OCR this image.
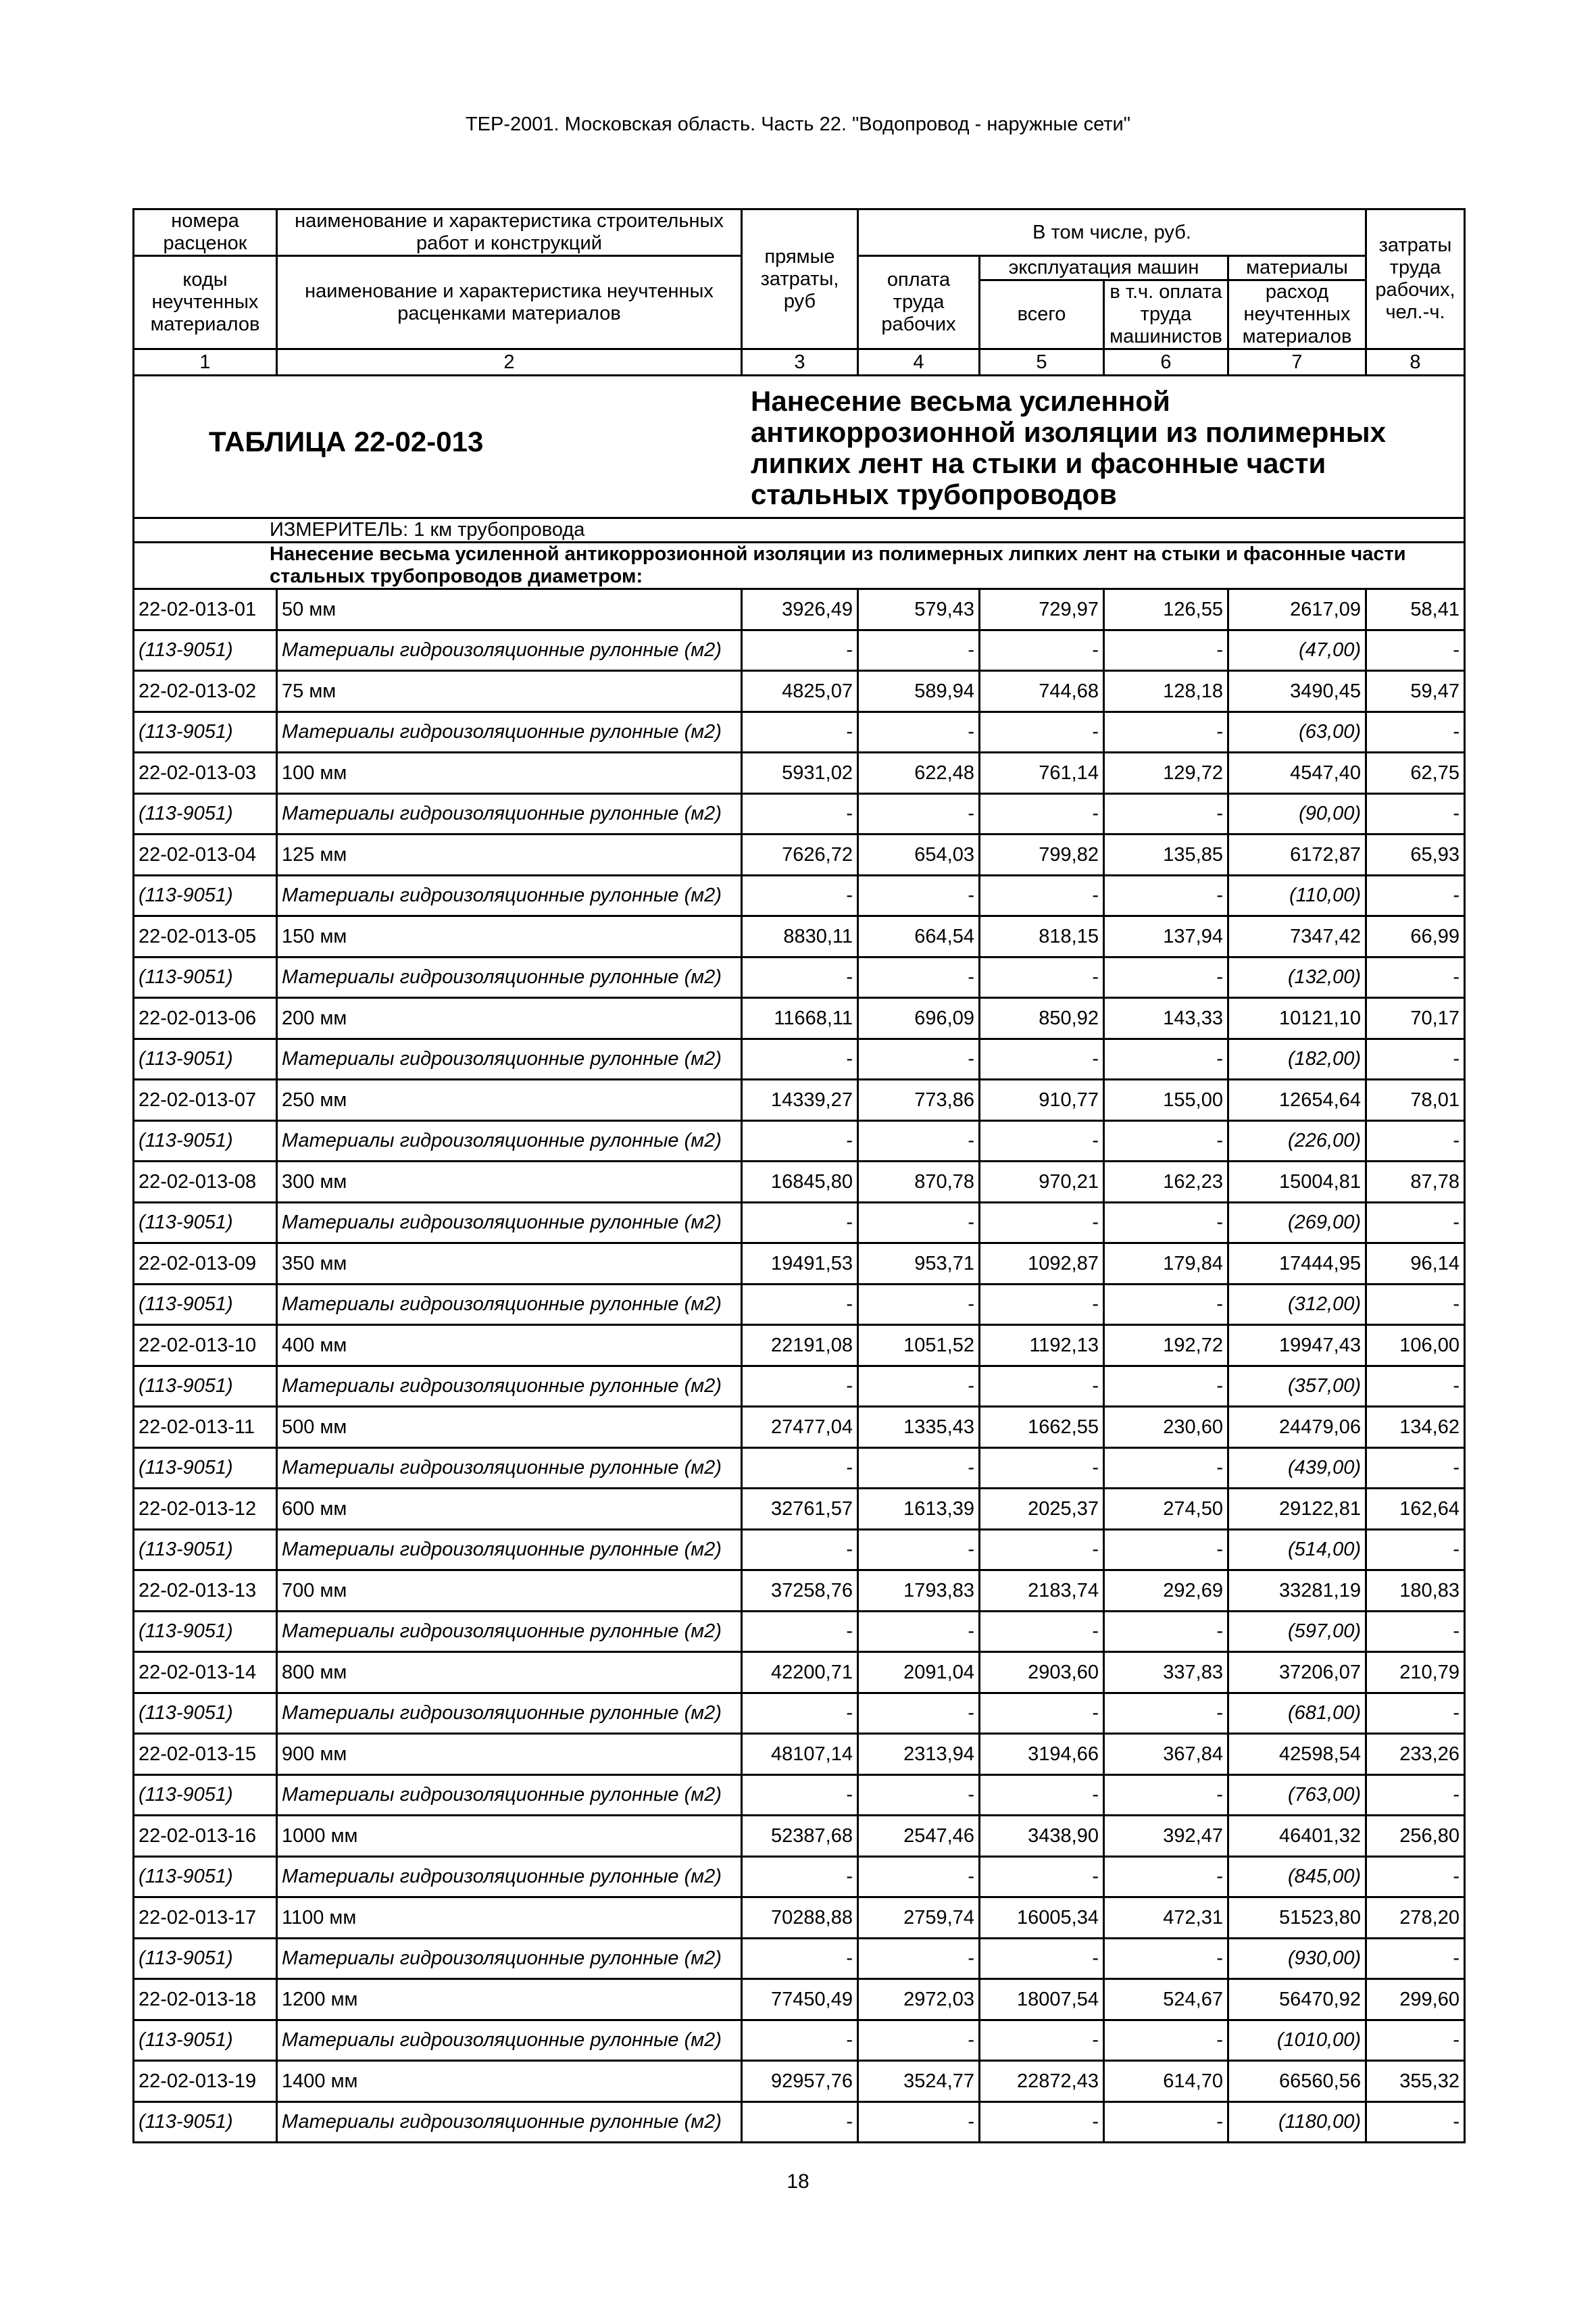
ТЕР-2001. Московская область. Часть 22. "Водопровод - наружные сети"
номера расценок	наименование и характеристика строительных работ и конструкций	прямые затраты, руб	В том числе, руб.				затраты труда рабочих, чел.-ч.
коды неучтенных материалов	наименование и характеристика неучтенных расценками материалов		оплата труда рабочих	эксплуатация машин		материалы	
				всего	в т.ч. оплата труда машинистов	расход неучтенных материалов	
1	2	3	4	5	6	7	8

ТАБЛИЦА 22-02-013
Нанесение весьма усиленной антикоррозионной изоляции из полимерных липких лент на стыки и фасонные части стальных трубопроводов							

ИЗМЕРИТЕЛЬ: 1 км трубопровода							
Нанесение весьма усиленной антикоррозионной изоляции из полимерных липких лент на стыки и фасонные части стальных трубопроводов диаметром:							
22-02-013-01	50 мм	3926,49	579,43	729,97	126,55	2617,09	58,41
(113-9051)	Материалы гидроизоляционные рулонные (м2)	-	-	-	-	(47,00)	-
22-02-013-02	75 мм	4825,07	589,94	744,68	128,18	3490,45	59,47
(113-9051)	Материалы гидроизоляционные рулонные (м2)	-	-	-	-	(63,00)	-
22-02-013-03	100 мм	5931,02	622,48	761,14	129,72	4547,40	62,75
(113-9051)	Материалы гидроизоляционные рулонные (м2)	-	-	-	-	(90,00)	-
22-02-013-04	125 мм	7626,72	654,03	799,82	135,85	6172,87	65,93
(113-9051)	Материалы гидроизоляционные рулонные (м2)	-	-	-	-	(110,00)	-
22-02-013-05	150 мм	8830,11	664,54	818,15	137,94	7347,42	66,99
(113-9051)	Материалы гидроизоляционные рулонные (м2)	-	-	-	-	(132,00)	-
22-02-013-06	200 мм	11668,11	696,09	850,92	143,33	10121,10	70,17
(113-9051)	Материалы гидроизоляционные рулонные (м2)	-	-	-	-	(182,00)	-
22-02-013-07	250 мм	14339,27	773,86	910,77	155,00	12654,64	78,01
(113-9051)	Материалы гидроизоляционные рулонные (м2)	-	-	-	-	(226,00)	-
22-02-013-08	300 мм	16845,80	870,78	970,21	162,23	15004,81	87,78
(113-9051)	Материалы гидроизоляционные рулонные (м2)	-	-	-	-	(269,00)	-
22-02-013-09	350 мм	19491,53	953,71	1092,87	179,84	17444,95	96,14
(113-9051)	Материалы гидроизоляционные рулонные (м2)	-	-	-	-	(312,00)	-
22-02-013-10	400 мм	22191,08	1051,52	1192,13	192,72	19947,43	106,00
(113-9051)	Материалы гидроизоляционные рулонные (м2)	-	-	-	-	(357,00)	-
22-02-013-11	500 мм	27477,04	1335,43	1662,55	230,60	24479,06	134,62
(113-9051)	Материалы гидроизоляционные рулонные (м2)	-	-	-	-	(439,00)	-
22-02-013-12	600 мм	32761,57	1613,39	2025,37	274,50	29122,81	162,64
(113-9051)	Материалы гидроизоляционные рулонные (м2)	-	-	-	-	(514,00)	-
22-02-013-13	700 мм	37258,76	1793,83	2183,74	292,69	33281,19	180,83
(113-9051)	Материалы гидроизоляционные рулонные (м2)	-	-	-	-	(597,00)	-
22-02-013-14	800 мм	42200,71	2091,04	2903,60	337,83	37206,07	210,79
(113-9051)	Материалы гидроизоляционные рулонные (м2)	-	-	-	-	(681,00)	-
22-02-013-15	900 мм	48107,14	2313,94	3194,66	367,84	42598,54	233,26
(113-9051)	Материалы гидроизоляционные рулонные (м2)	-	-	-	-	(763,00)	-
22-02-013-16	1000 мм	52387,68	2547,46	3438,90	392,47	46401,32	256,80
(113-9051)	Материалы гидроизоляционные рулонные (м2)	-	-	-	-	(845,00)	-
22-02-013-17	1100 мм	70288,88	2759,74	16005,34	472,31	51523,80	278,20
(113-9051)	Материалы гидроизоляционные рулонные (м2)	-	-	-	-	(930,00)	-
22-02-013-18	1200 мм	77450,49	2972,03	18007,54	524,67	56470,92	299,60
(113-9051)	Материалы гидроизоляционные рулонные (м2)	-	-	-	-	(1010,00)	-
22-02-013-19	1400 мм	92957,76	3524,77	22872,43	614,70	66560,56	355,32
(113-9051)	Материалы гидроизоляционные рулонные (м2)	-	-	-	-	(1180,00)	-
18
